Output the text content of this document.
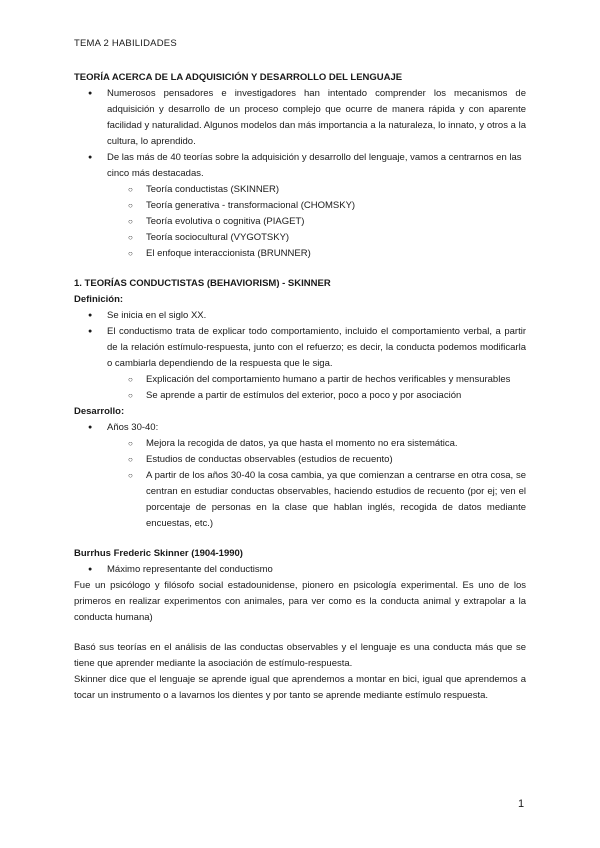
TEMA 2 HABILIDADES

TEORÍA ACERCA DE LA ADQUISICIÓN Y DESARROLLO DEL LENGUAJE

● Numerosos pensadores e investigadores han intentado comprender los mecanismos de adquisición y desarrollo de un proceso complejo que ocurre de manera rápida y con aparente facilidad y naturalidad. Algunos modelos dan más importancia a la naturaleza, lo innato, y otros a la cultura, lo aprendido.
● De las más de 40 teorías sobre la adquisición y desarrollo del lenguaje, vamos a centrarnos en las cinco más destacadas.
○ Teoría conductistas (SKINNER)
○ Teoría generativa - transformacional (CHOMSKY)
○ Teoría evolutiva o cognitiva (PIAGET)
○ Teoría sociocultural (VYGOTSKY)
○ El enfoque interaccionista (BRUNNER)

1. TEORÍAS CONDUCTISTAS (BEHAVIORISM) - SKINNER

Definición:

● Se inicia en el siglo XX.
● El conductismo trata de explicar todo comportamiento, incluido el comportamiento verbal, a partir de la relación estímulo-respuesta, junto con el refuerzo; es decir, la conducta podemos modificarla o cambiarla dependiendo de la respuesta que le siga.
○ Explicación del comportamiento humano a partir de hechos verificables y mensurables
○ Se aprende a partir de estímulos del exterior, poco a poco y por asociación

Desarrollo:

● Años 30-40:
○ Mejora la recogida de datos, ya que hasta el momento no era sistemática.
○ Estudios de conductas observables (estudios de recuento)
○ A partir de los años 30-40 la cosa cambia, ya que comienzan a centrarse en otra cosa, se centran en estudiar conductas observables, haciendo estudios de recuento (por ej; ven el porcentaje de personas en la clase que hablan inglés, recogida de datos mediante encuestas, etc.)

Burrhus Frederic Skinner (1904-1990)

● Máximo representante del conductismo

Fue un psicólogo y filósofo social estadounidense, pionero en psicología experimental. Es uno de los primeros en realizar experimentos con animales, para ver como es la conducta animal y extrapolar a la conducta humana)

Basó sus teorías en el análisis de las conductas observables y el lenguaje es una conducta más que se tiene que aprender mediante la asociación de estímulo-respuesta.

Skinner dice que el lenguaje se aprende igual que aprendemos a montar en bici, igual que aprendemos a tocar un instrumento o a lavarnos los dientes y por tanto se aprende mediante estímulo respuesta.

1
